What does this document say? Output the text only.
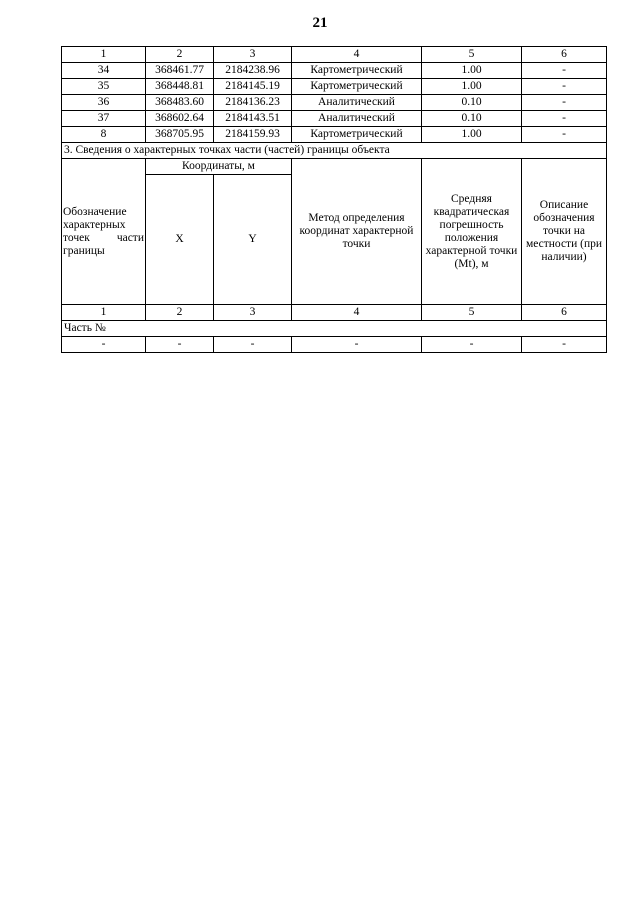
21
1	2	3	4	5	6
34	368461.77	2184238.96	Картометрический	1.00	-
35	368448.81	2184145.19	Картометрический	1.00	-
36	368483.60	2184136.23	Аналитический	0.10	-
37	368602.64	2184143.51	Аналитический	0.10	-
8	368705.95	2184159.93	Картометрический	1.00	-
3. Сведения о характерных точках части (частей) границы объекта					
Обозначение
характерных
точек части
границы	Координаты, м		Метод определения координат характерной точки	Средняя квадратическая погрешность положения характерной точки (Mt), м	Описание обозначения точки на местности (при наличии)
	X	Y			
1	2	3	4	5	6
Часть №					
-	-	-	-	-	-
